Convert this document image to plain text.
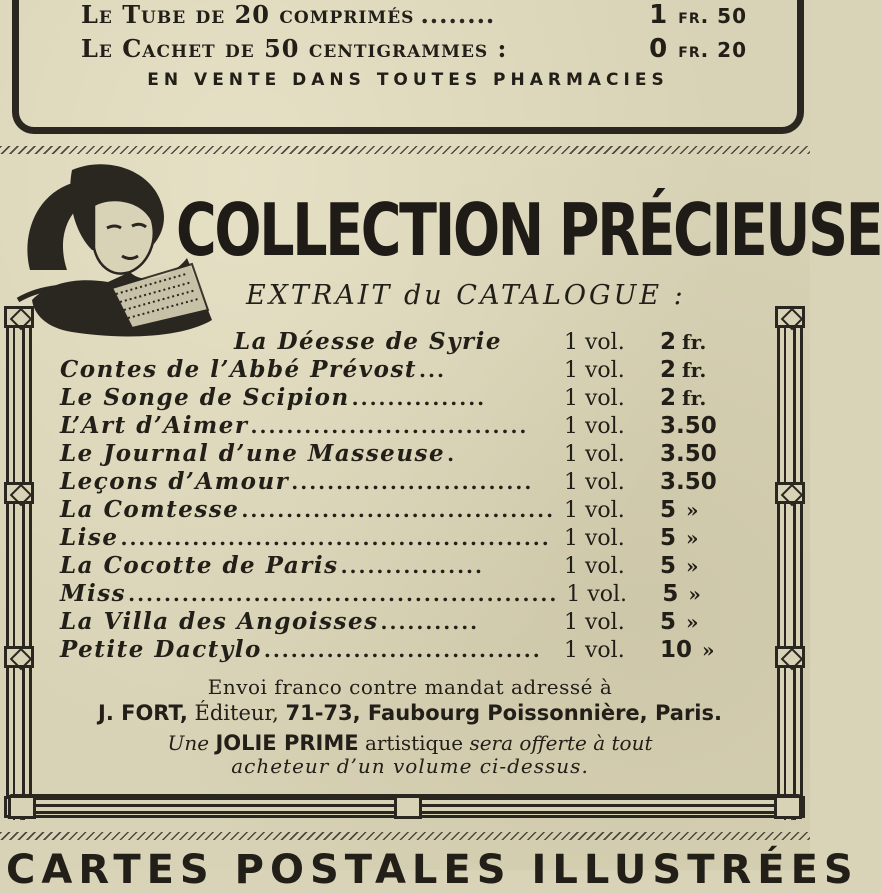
Le Tube de 20 comprimés ........	1 fr. 50
Le Cachet de 50 centigrammes :	0 fr. 20
EN VENTE DANS TOUTES PHARMACIES
COLLECTION PRÉCIEUSE
EXTRAIT du CATALOGUE :
La Déesse de Syrie	1 vol.	2 fr.
Contes de l’Abbé Prévost ...	1 vol.	2 fr.
Le Songe de Scipion ...............	1 vol.	2 fr.
L’Art d’Aimer ...............................	1 vol.	3.50
Le Journal d’une Masseuse .	1 vol.	3.50
Leçons d’Amour ...........................	1 vol.	3.50
La Comtesse ................................... 1 vol.	5 »
Lise ................................................ 1 vol.	5 »
La Cocotte de Paris ................	1 vol.	5 »
Miss ................................................ 1 vol.	5 »
La Villa des Angoisses ...........	1 vol.	5 »
Petite Dactylo ...............................	1 vol.	10 »
Envoi franco contre mandat adressé à
J. FORT, Éditeur, 71-73, Faubourg Poissonnière, Paris.
Une JOLIE PRIME artistique sera offerte à tout
acheteur d’un volume ci-dessus.
CARTES POSTALES ILLUSTRÉES
